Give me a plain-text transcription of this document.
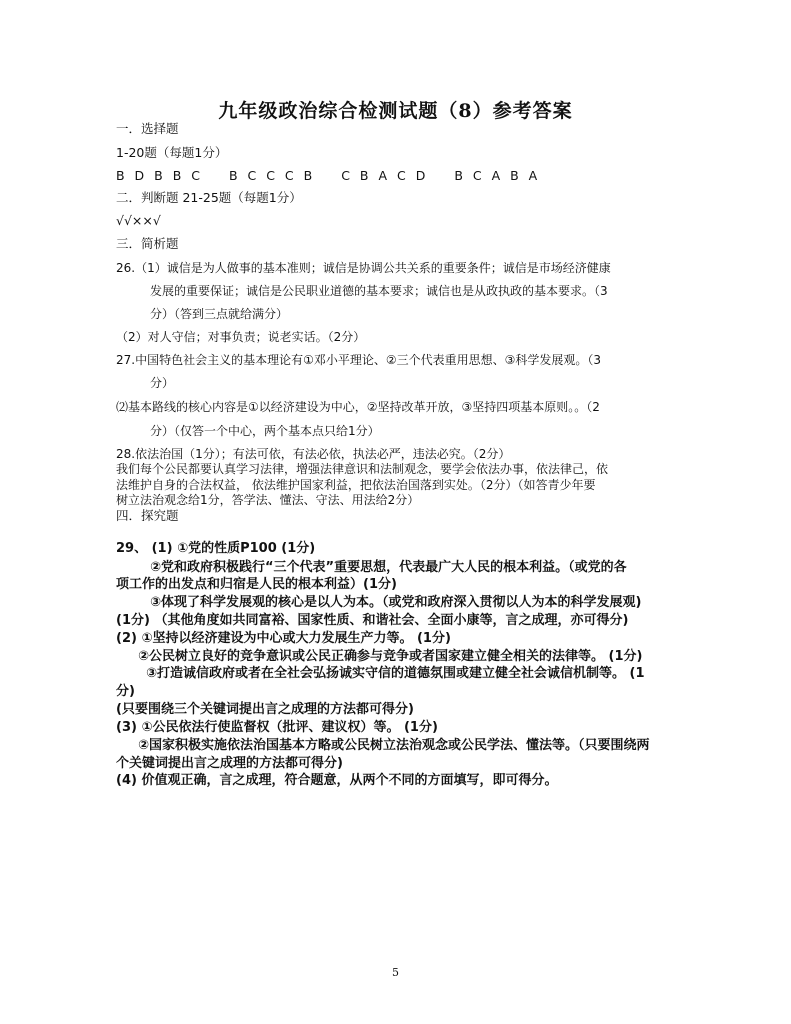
九年级政治综合检测试题（8）参考答案
一．选择题
1-20题（每题1分）
B D B B C B C C C B C B A C D B C A B A
二．判断题 21-25题（每题1分）
√√××√
三．简析题
26.（1）诚信是为人做事的基本准则；诚信是协调公共关系的重要条件；诚信是市场经济健康
发展的重要保证；诚信是公民职业道德的基本要求；诚信也是从政执政的基本要求。（3
分）（答到三点就给满分）
（2）对人守信；对事负责；说老实话。（2分）
27.中国特色社会主义的基本理论有①邓小平理论、②三个代表重用思想、③科学发展观。（3
分）
⑵基本路线的核心内容是①以经济建设为中心，②坚持改革开放，③坚持四项基本原则。。（2
分）（仅答一个中心，两个基本点只给1分）
28.依法治国（1分）；有法可依，有法必依，执法必严，违法必究。（2分）
我们每个公民都要认真学习法律，增强法律意识和法制观念，要学会依法办事，依法律己，依
法维护自身的合法权益， 依法维护国家利益，把依法治国落到实处。（2分）（如答青少年要
树立法治观念给1分，答学法、懂法、守法、用法给2分）
四．探究题
29、 (1) ①党的性质P100 (1分)
②党和政府积极践行“三个代表”重要思想，代表最广大人民的根本利益。（或党的各
项工作的出发点和归宿是人民的根本利益）(1分)
③体现了科学发展观的核心是以人为本。（或党和政府深入贯彻以人为本的科学发展观)
(1分) （其他角度如共同富裕、国家性质、和谐社会、全面小康等，言之成理，亦可得分)
(2) ①坚持以经济建设为中心或大力发展生产力等。 (1分)
②公民树立良好的竞争意识或公民正确参与竞争或者国家建立健全相关的法律等。 (1分)
③打造诚信政府或者在全社会弘扬诚实守信的道德氛围或建立健全社会诚信机制等。 (1
分)
(只要围绕三个关键词提出言之成理的方法都可得分)
(3) ①公民依法行使监督权（批评、建议权）等。 (1分)
②国家积极实施依法治国基本方略或公民树立法治观念或公民学法、懂法等。（只要围绕两
个关键词提出言之成理的方法都可得分)
(4) 价值观正确，言之成理，符合题意，从两个不同的方面填写，即可得分。
5
